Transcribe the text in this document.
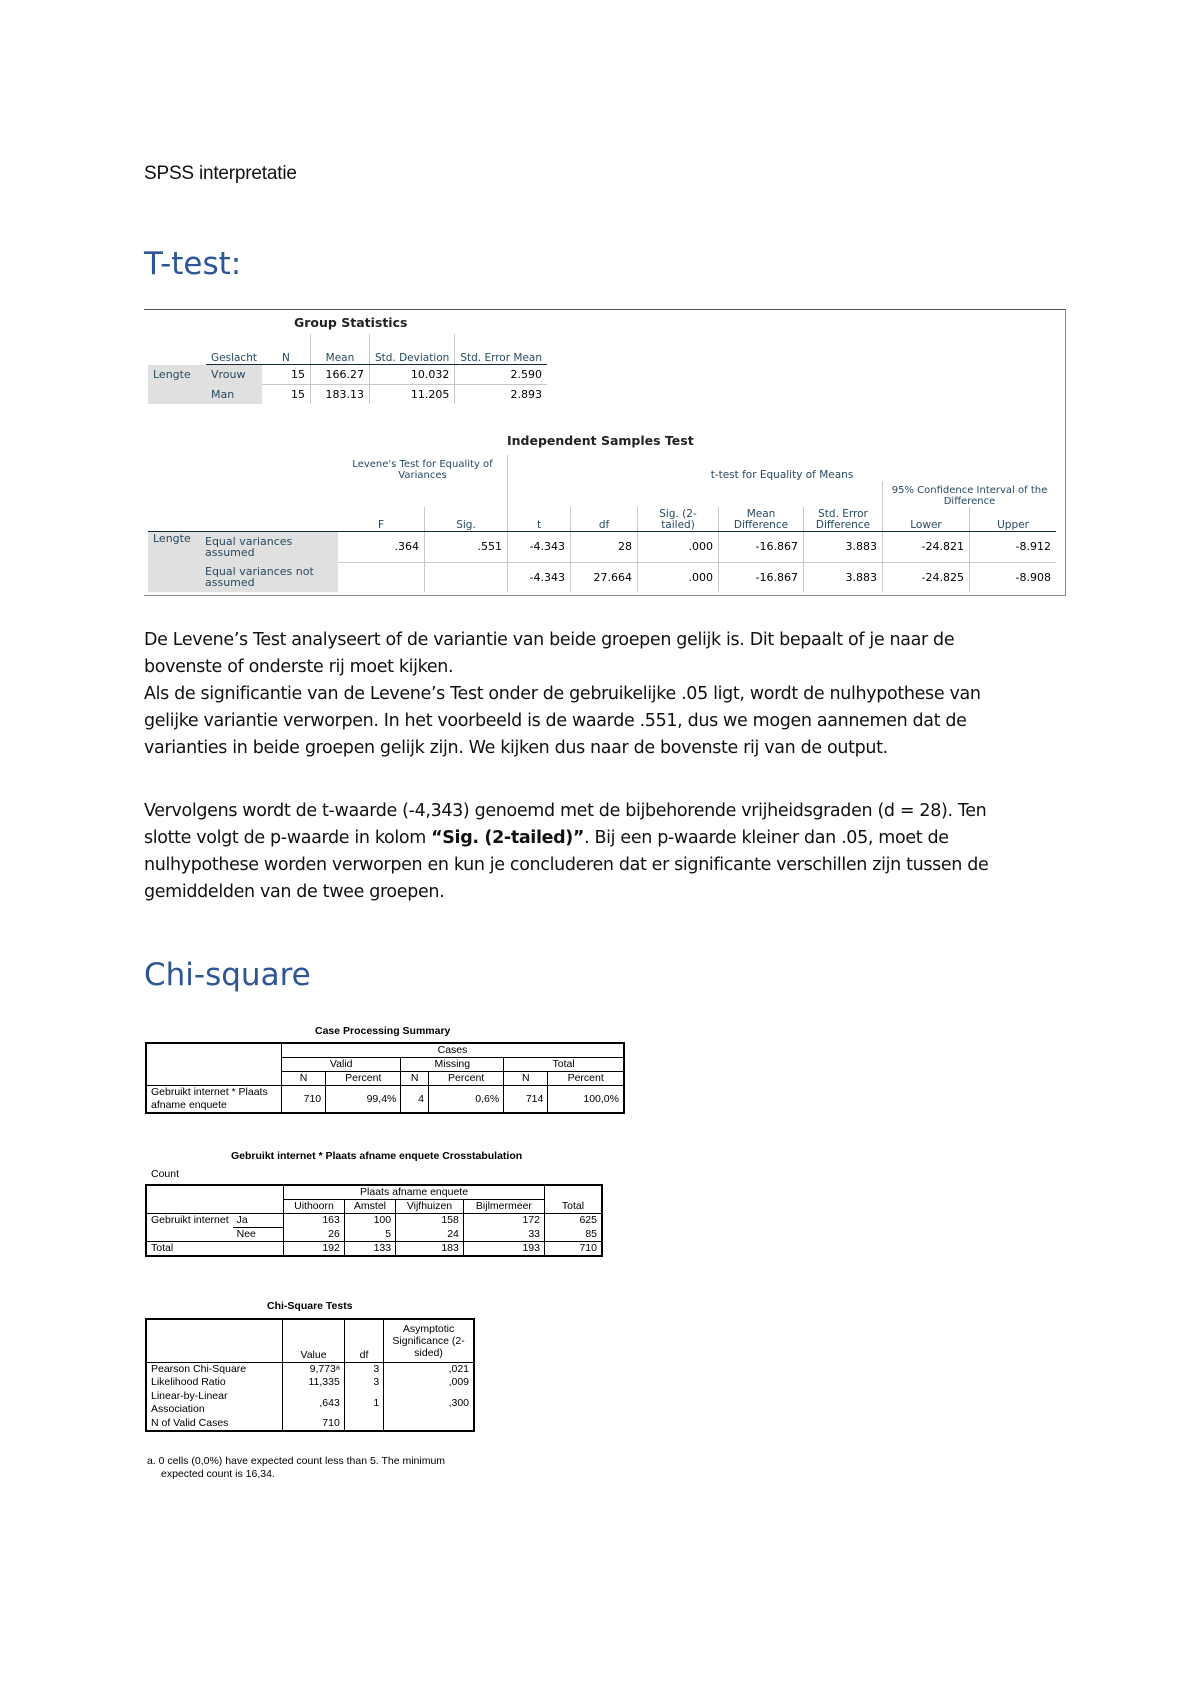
SPSS interpretatie
T-test:
Group Statistics
	Geslacht	N	Mean	Std. Deviation	Std. Error Mean
Lengte	Vrouw	15	166.27	10.032	2.590
	Man	15	183.13	11.205	2.893
Independent Samples Test
		Levene's Test for Equality of Variances		t-test for Equality of Means						
									95% Confidence Interval of the Difference	
		F	Sig.	t	df	Sig. (2-tailed)	Mean Difference	Std. Error Difference	Lower	Upper
Lengte	Equal variances assumed	.364	.551	-4.343	28	.000	-16.867	3.883	-24.821	-8.912
	Equal variances not assumed			-4.343	27.664	.000	-16.867	3.883	-24.825	-8.908

De Levene’s Test analyseert of de variantie van beide groepen gelijk is. Dit bepaalt of je naar de

bovenste of onderste rij moet kijken.

Als de significantie van de Levene’s Test onder de gebruikelijke .05 ligt, wordt de nulhypothese van

gelijke variantie verworpen. In het voorbeeld is de waarde .551, dus we mogen aannemen dat de

varianties in beide groepen gelijk zijn. We kijken dus naar de bovenste rij van de output.

Vervolgens wordt de t-waarde (-4,343) genoemd met de bijbehorende vrijheidsgraden (d = 28). Ten

slotte volgt de p-waarde in kolom “Sig. (2-tailed)”. Bij een p-waarde kleiner dan .05, moet de

nulhypothese worden verworpen en kun je concluderen dat er significante verschillen zijn tussen de

gemiddelden van de twee groepen.

Chi-square
Case Processing Summary
	Cases					
	Valid		Missing		Total	
	N	Percent	N	Percent	N	Percent
Gebruikt internet * Plaats afname enquete	710	99,4%	4	0,6%	714	100,0%
Gebruikt internet * Plaats afname enquete Crosstabulation
Count
		Plaats afname enquete				Total
		Uithoorn	Amstel	Vijfhuizen	Bijlmermeer	
Gebruikt internet	Ja	163	100	158	172	625
	Nee	26	5	24	33	85
Total		192	133	183	193	710
Chi-Square Tests
	Value	df	Asymptotic Significance (2-sided)
Pearson Chi-Square	9,773ᵃ	3	,021
Likelihood Ratio	11,335	3	,009
Linear-by-Linear Association	,643	1	,300
N of Valid Cases	710		
a. 0 cells (0,0%) have expected count less than 5. The minimum
expected count is 16,34.
